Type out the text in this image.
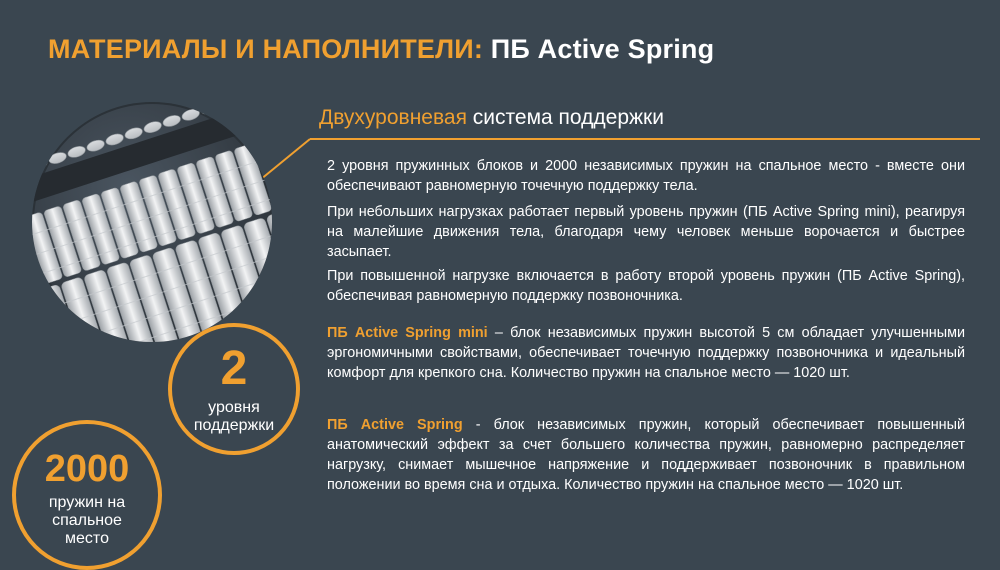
МАТЕРИАЛЫ И НАПОЛНИТЕЛИ: ПБ Active Spring
Двухуровневая система поддержки
2
уровня
поддержки
2000
пружин на
спальное
место
2 уровня пружинных блоков и 2000 независимых пружин на спальное место - вместе они обеспечивают равномерную точечную поддержку тела.
При небольших нагрузках работает первый уровень пружин (ПБ Active Spring mini), реагируя на малейшие движения тела, благодаря чему человек меньше ворочается и быстрее засыпает.
При повышенной нагрузке включается в работу второй уровень пружин (ПБ Active Spring), обеспечивая равномерную поддержку позвоночника.
ПБ Active Spring mini – блок независимых пружин высотой 5 см обладает улучшенными эргономичными свойствами, обеспечивает точечную поддержку позвоночника и идеальный комфорт для крепкого сна. Количество пружин на спальное место — 1020 шт.
ПБ Active Spring - блок независимых пружин, который обеспечивает повышенный анатомический эффект за счет большего количества пружин, равномерно распределяет нагрузку, снимает мышечное напряжение и поддерживает позвоночник в правильном положении во время сна и отдыха. Количество пружин на спальное место — 1020 шт.
